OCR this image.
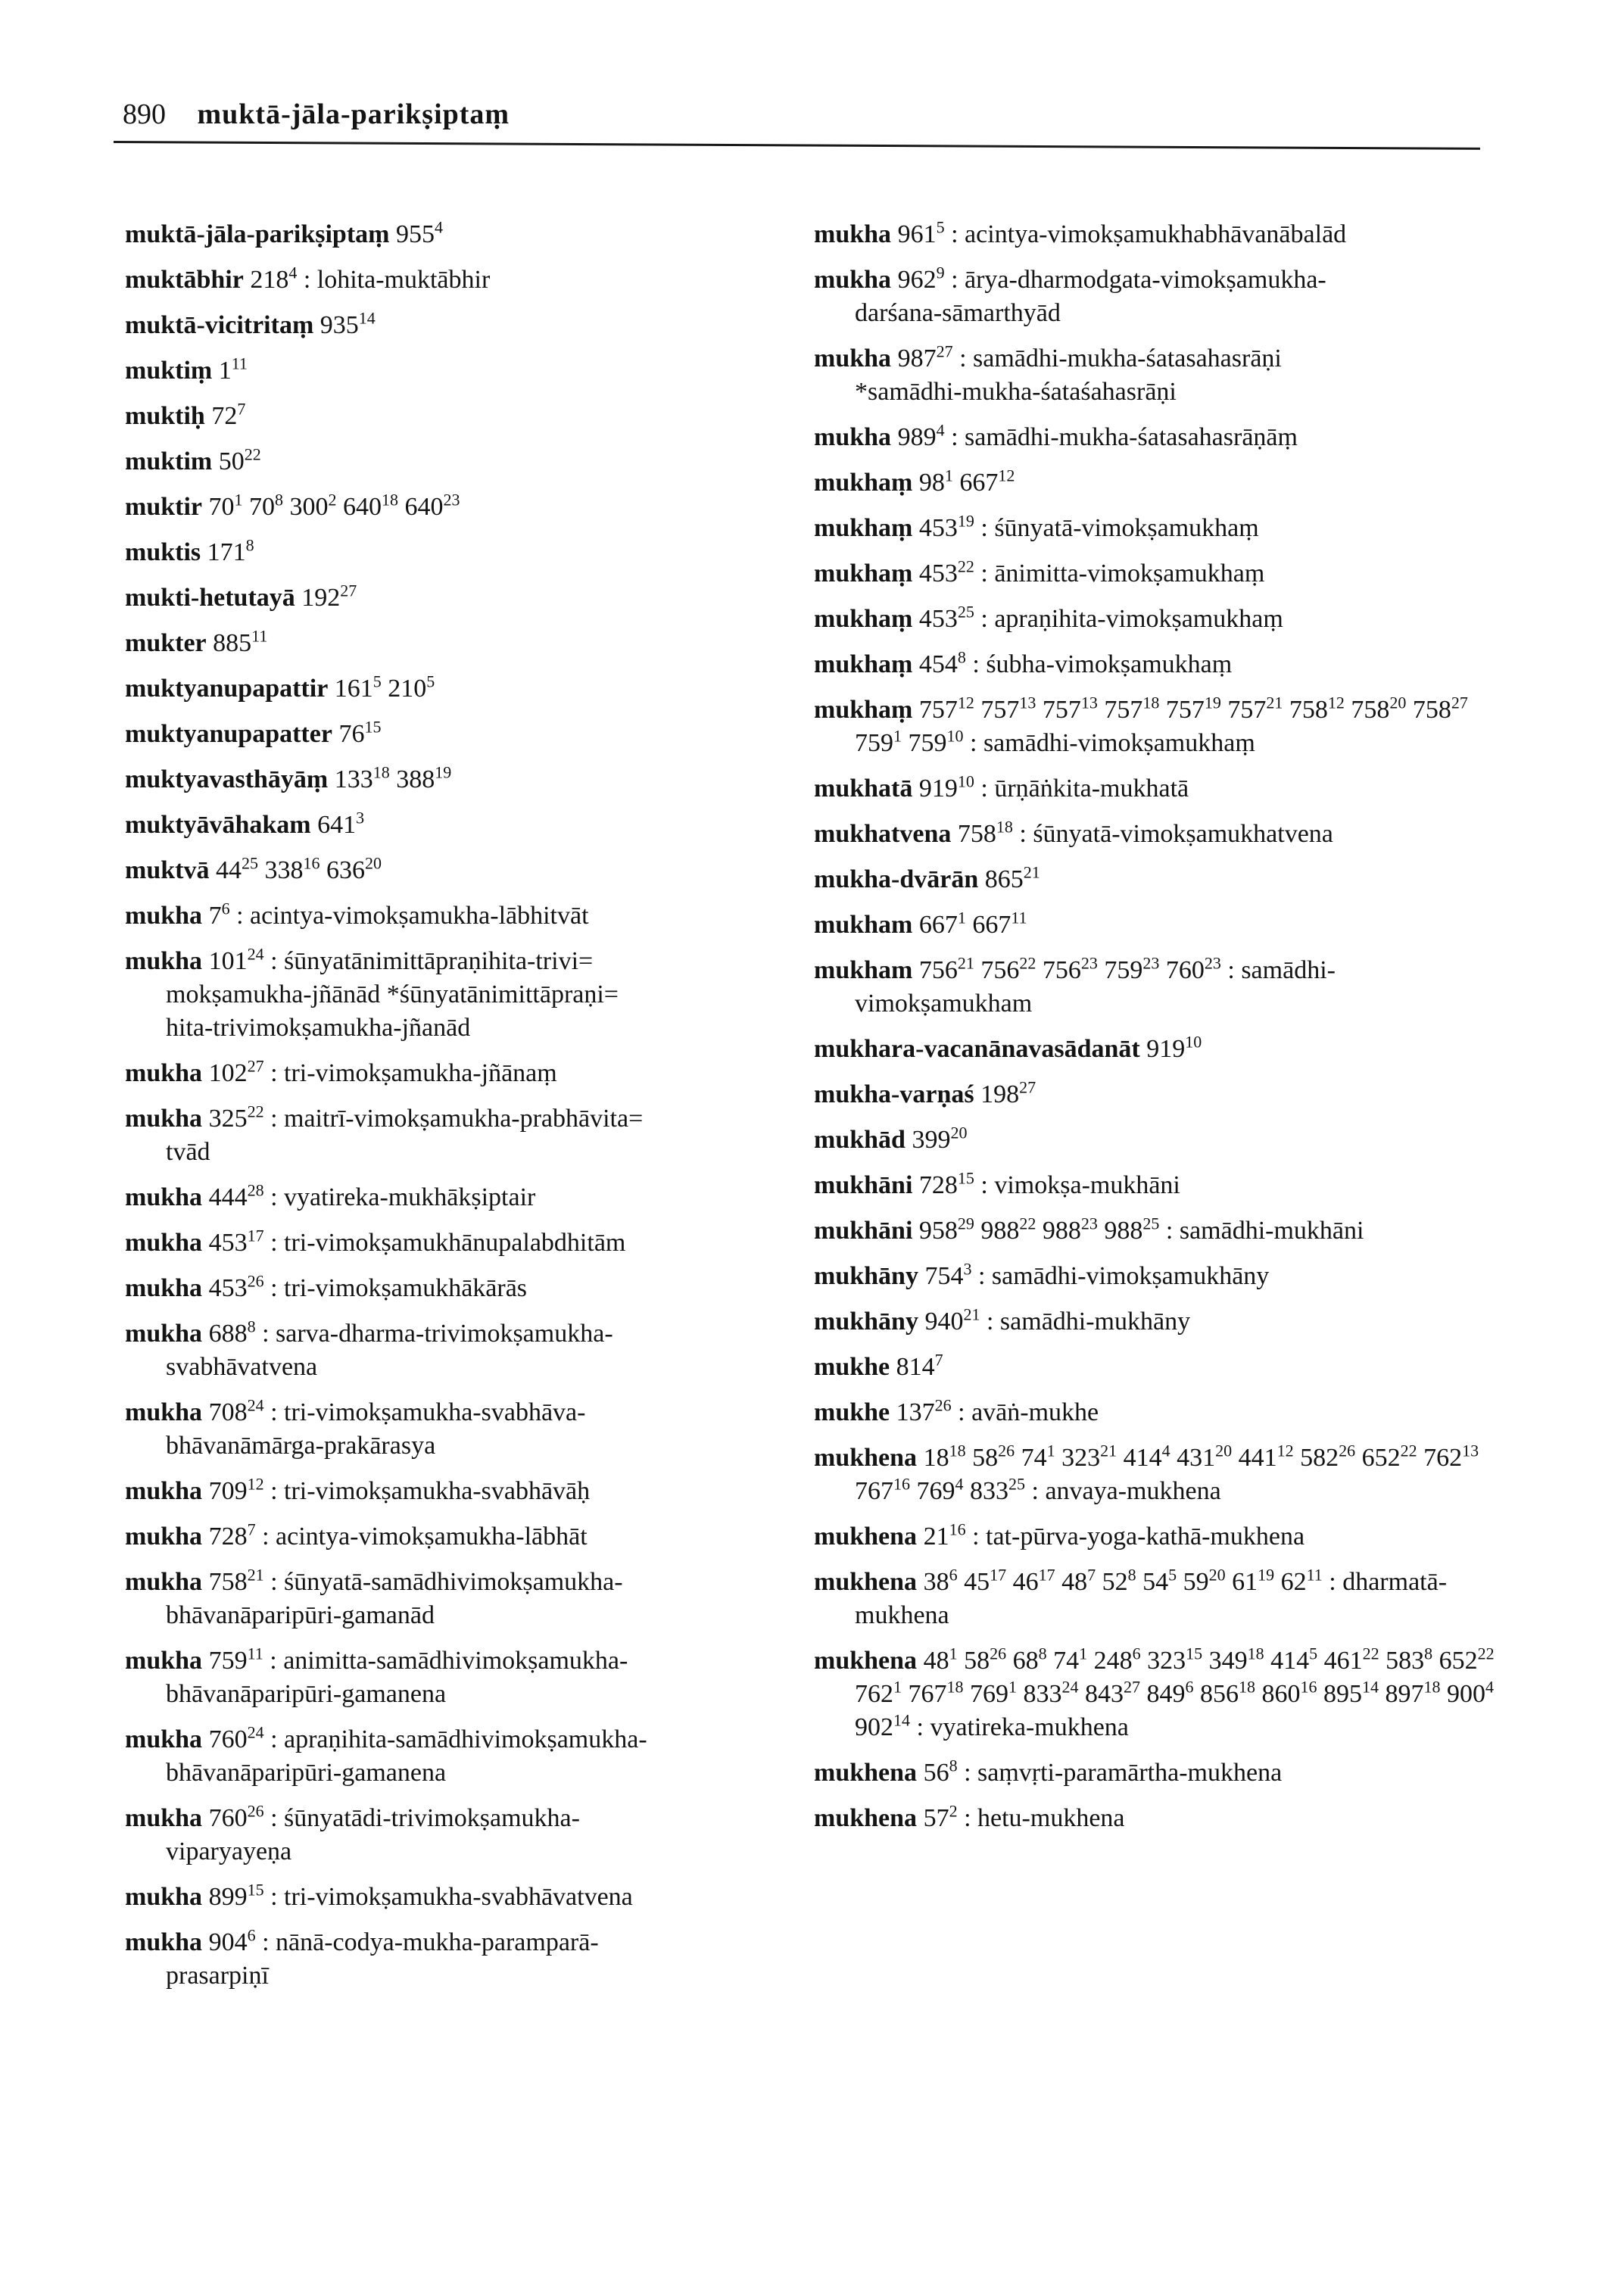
890 muktā-jāla-parikṣiptaṃ
muktā-jāla-parikṣiptaṃ $955^4$
muktābhir $218^4$ : lohita-muktābhir
muktā-vicitritaṃ $935^{14}$
muktiṃ $1^{11}$
muktiḥ $72^7$
muktim $50^{22}$
muktir $70^1$ $70^8$ $300^2$ $640^{18}$ $640^{23}$
muktis $171^8$
mukti-hetutayā $192^{27}$
mukter $885^{11}$
muktyanupapattir $161^5$ $210^5$
muktyanupapatter $76^{15}$
muktyavasthāyāṃ $133^{18}$ $388^{19}$
muktyāvāhakam $641^3$
muktvā $44^{25}$ $338^{16}$ $636^{20}$
mukha $7^6$ : acintya-vimokṣamukha-lābhitvāt
mukha $101^{24}$ : śūnyatānimittāpraṇihita-trivi=
mokṣamukha-jñānād *śūnyatānimittāpraṇi=
hita-trivimokṣamukha-jñanād
mukha $102^{27}$ : tri-vimokṣamukha-jñānaṃ
mukha $325^{22}$ : maitrī-vimokṣamukha-prabhāvita=
tvād
mukha $444^{28}$ : vyatireka-mukhākṣiptair
mukha $453^{17}$ : tri-vimokṣamukhānupalabdhitām
mukha $453^{26}$ : tri-vimokṣamukhākārās
mukha $688^8$ : sarva-dharma-trivimokṣamukha-
svabhāvatvena
mukha $708^{24}$ : tri-vimokṣamukha-svabhāva-
bhāvanāmārga-prakārasya
mukha $709^{12}$ : tri-vimokṣamukha-svabhāvāḥ
mukha $728^7$ : acintya-vimokṣamukha-lābhāt
mukha $758^{21}$ : śūnyatā-samādhivimokṣamukha-
bhāvanāparipūri-gamanād
mukha $759^{11}$ : animitta-samādhivimokṣamukha-
bhāvanāparipūri-gamanena
mukha $760^{24}$ : apraṇihita-samādhivimokṣamukha-
bhāvanāparipūri-gamanena
mukha $760^{26}$ : śūnyatādi-trivimokṣamukha-
viparyayeṇa
mukha $899^{15}$ : tri-vimokṣamukha-svabhāvatvena
mukha $904^6$ : nānā-codya-mukha-paramparā-
prasarpiṇī
mukha $961^5$ : acintya-vimokṣamukhabhāvanābalād
mukha $962^9$ : ārya-dharmodgata-vimokṣamukha-
darśana-sāmarthyād
mukha $987^{27}$ : samādhi-mukha-śatasahasrāṇi
*samādhi-mukha-śataśahasrāṇi
mukha $989^4$ : samādhi-mukha-śatasahasrāṇāṃ
mukhaṃ $98^1$ $667^{12}$
mukhaṃ $453^{19}$ : śūnyatā-vimokṣamukhaṃ
mukhaṃ $453^{22}$ : ānimitta-vimokṣamukhaṃ
mukhaṃ $453^{25}$ : apraṇihita-vimokṣamukhaṃ
mukhaṃ $454^8$ : śubha-vimokṣamukhaṃ
mukhaṃ $757^{12}$ $757^{13}$ $757^{13}$ $757^{18}$ $757^{19}$ $757^{21}$ $758^{12}$ $758^{20}$ $758^{27}$ $759^1$ $759^{10}$ : samādhi-vimokṣamukhaṃ
mukhatā $919^{10}$ : ūrṇāṅkita-mukhatā
mukhatvena $758^{18}$ : śūnyatā-vimokṣamukhatvena
mukha-dvārān $865^{21}$
mukham $667^1$ $667^{11}$
mukham $756^{21}$ $756^{22}$ $756^{23}$ $759^{23}$ $760^{23}$ : samādhi-vimokṣamukham
mukhara-vacanānavasādanāt $919^{10}$
mukha-varṇaś $198^{27}$
mukhād $399^{20}$
mukhāni $728^{15}$ : vimokṣa-mukhāni
mukhāni $958^{29}$ $988^{22}$ $988^{23}$ $988^{25}$ : samādhi-mukhāni
mukhāny $754^3$ : samādhi-vimokṣamukhāny
mukhāny $940^{21}$ : samādhi-mukhāny
mukhe $814^7$
mukhe $137^{26}$ : avāṅ-mukhe
mukhena $18^{18}$ $58^{26}$ $74^1$ $323^{21}$ $414^4$ $431^{20}$ $441^{12}$ $582^{26}$ $652^{22}$ $762^{13}$ $767^{16}$ $769^4$ $833^{25}$ : anvaya-mukhena
mukhena $21^{16}$ : tat-pūrva-yoga-kathā-mukhena
mukhena $38^6$ $45^{17}$ $46^{17}$ $48^7$ $52^8$ $54^5$ $59^{20}$ $61^{19}$ $62^{11}$ : dharmatā-mukhena
mukhena $48^1$ $58^{26}$ $68^8$ $74^1$ $248^6$ $323^{15}$ $349^{18}$ $414^5$ $461^{22}$ $583^8$ $652^{22}$ $762^1$ $767^{18}$ $769^1$ $833^{24}$ $843^{27}$ $849^6$ $856^{18}$ $860^{16}$ $895^{14}$ $897^{18}$ $900^4$ $902^{14}$ : vyatireka-mukhena
mukhena $56^8$ : saṃvṛti-paramārtha-mukhena
mukhena $57^2$ : hetu-mukhena
